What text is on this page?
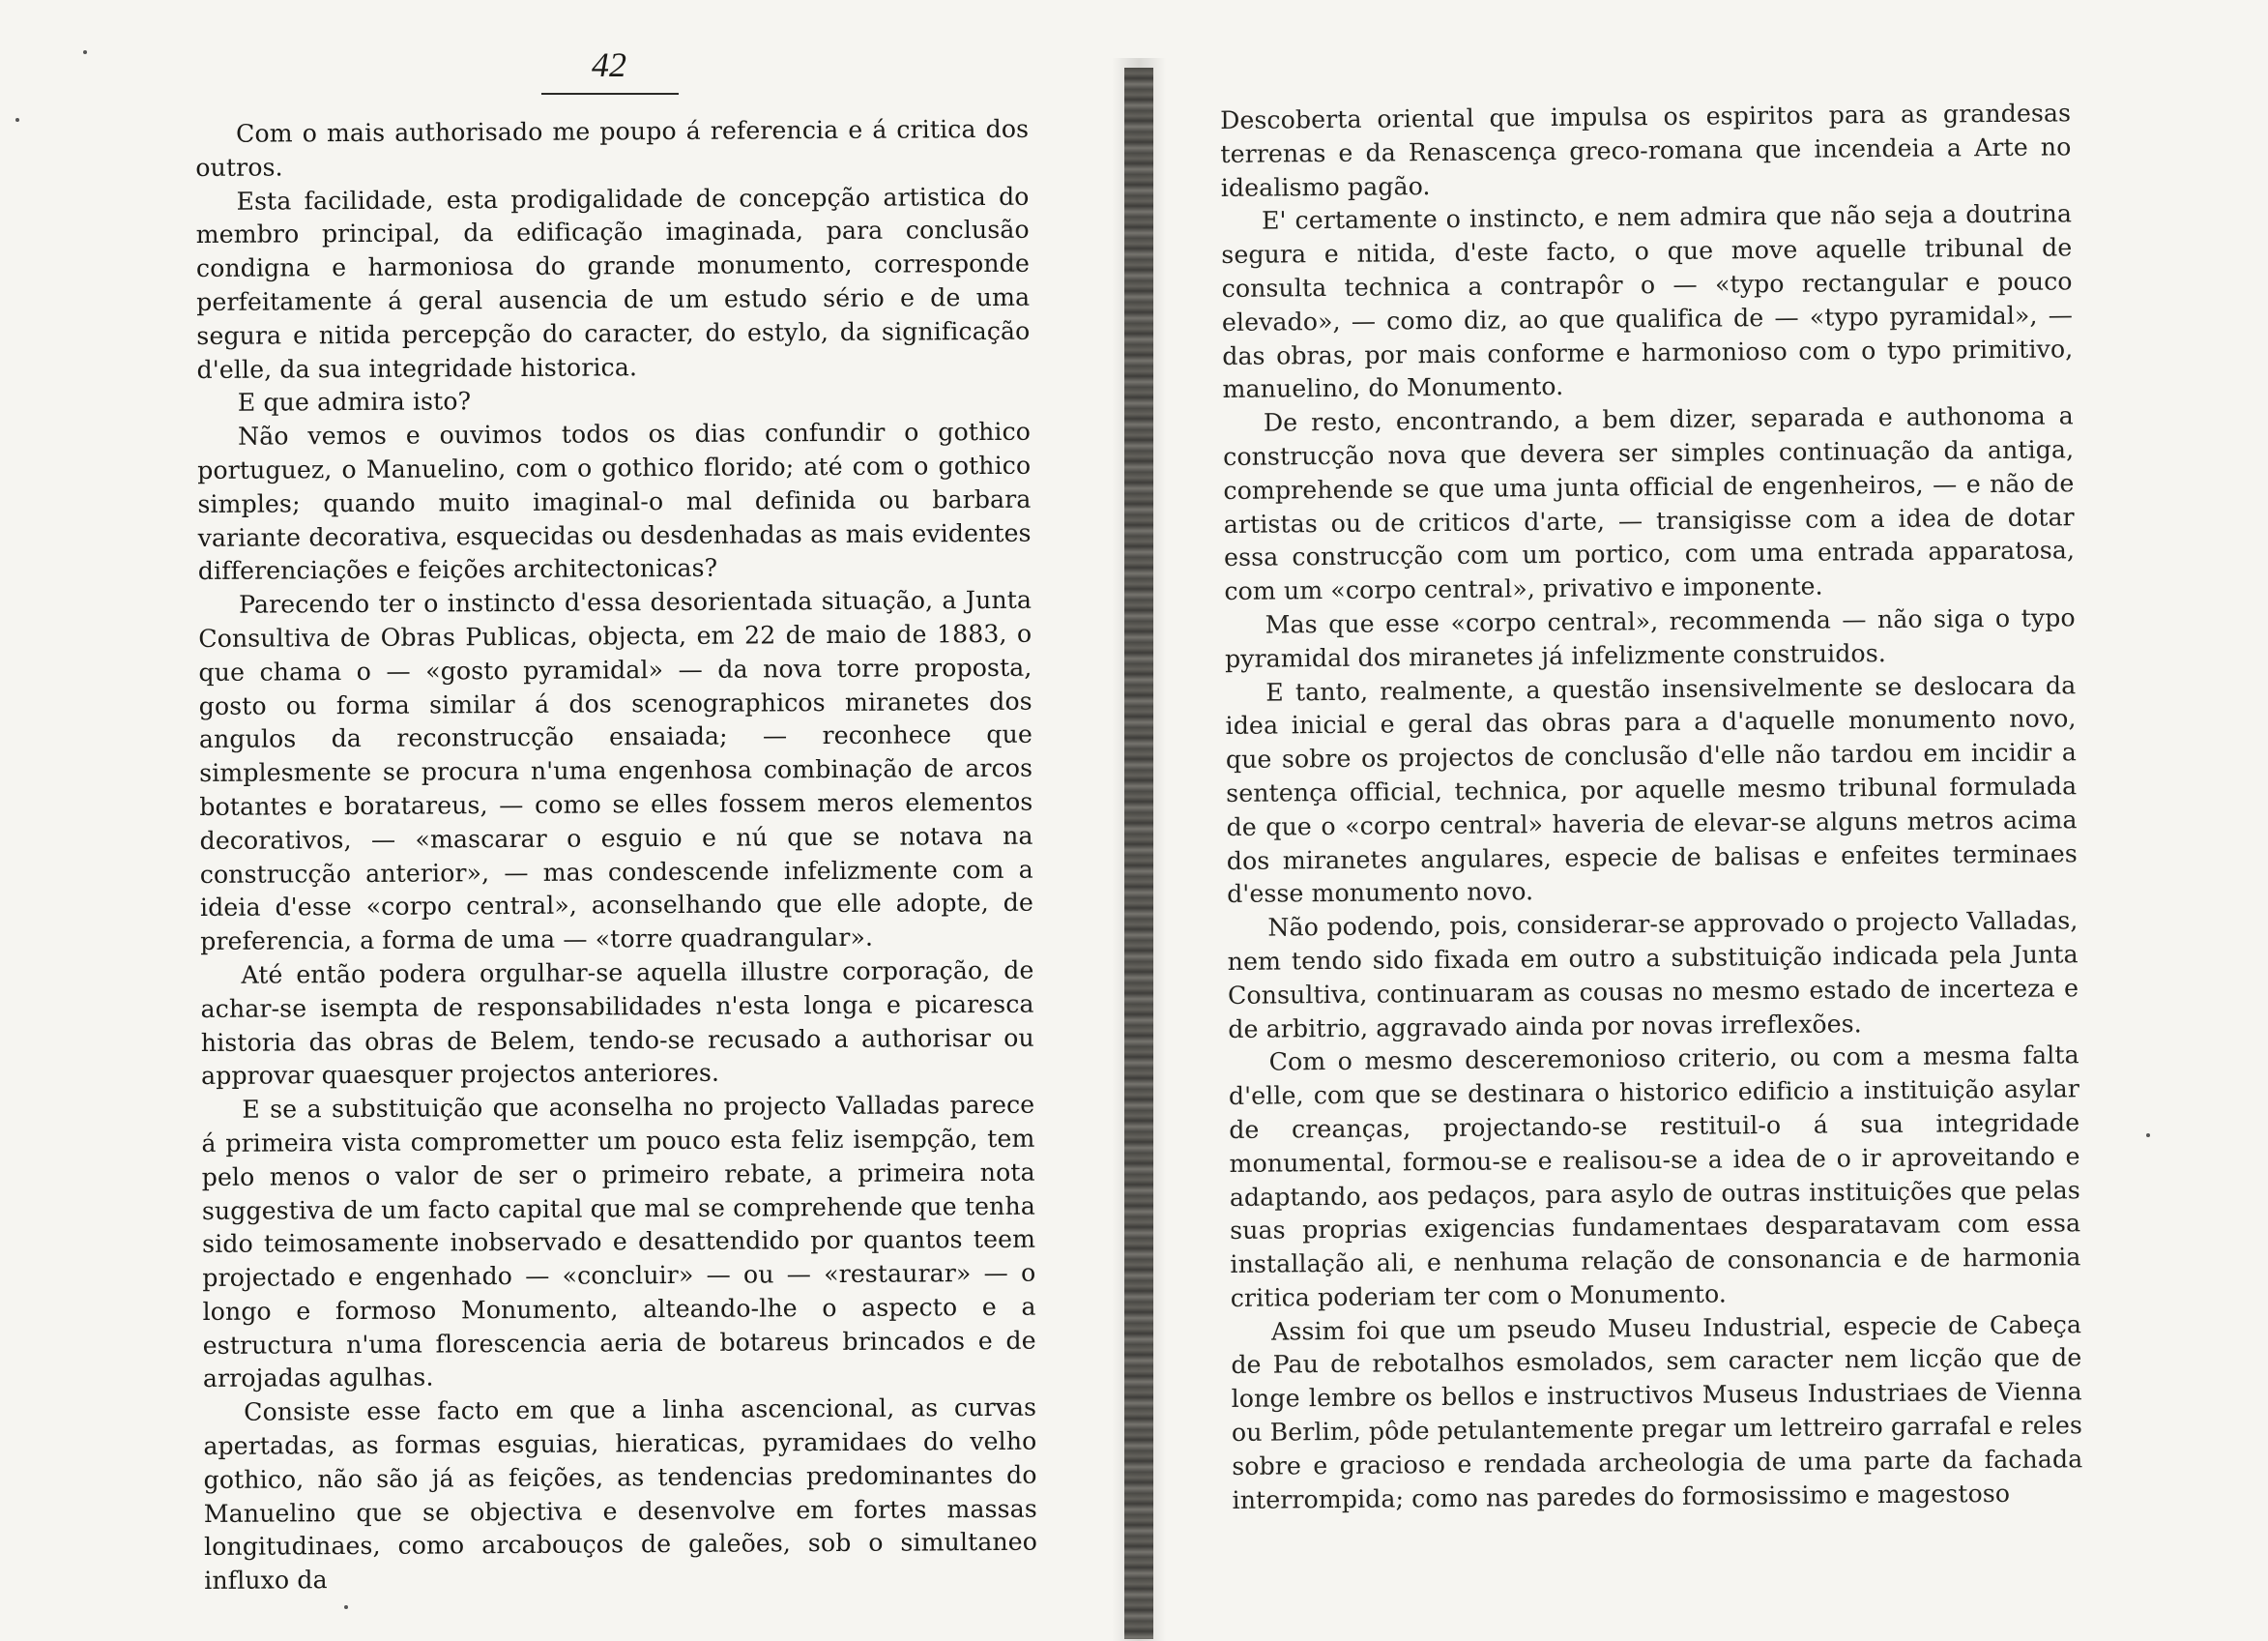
42

Com o mais authorisado me poupo á referencia e á critica dos outros.

Esta facilidade, esta prodigalidade de concepção artistica do membro principal, da edificação imaginada, para conclusão condigna e harmoniosa do grande monumento, corresponde perfeitamente á geral ausencia de um estudo sério e de uma segura e nitida percepção do caracter, do estylo, da significação d'elle, da sua integridade historica.

E que admira isto?

Não vemos e ouvimos todos os dias confundir o gothico portuguez, o Manuelino, com o gothico florido; até com o gothico simples; quando muito imaginal-o mal definida ou barbara variante decorativa, esquecidas ou desdenhadas as mais evidentes differenciações e feições architectonicas?

Parecendo ter o instincto d'essa desorientada situação, a Junta Consultiva de Obras Publicas, objecta, em 22 de maio de 1883, o que chama o — «gosto pyramidal» — da nova torre proposta, gosto ou forma similar á dos scenographicos miranetes dos angulos da reconstrucção ensaiada; — reconhece que simplesmente se procura n'uma engenhosa combinação de arcos botantes e boratareus, — como se elles fossem meros elementos decorativos, — «mascarar o esguio e nú que se notava na construcção anterior», — mas condescende infelizmente com a ideia d'esse «corpo central», aconselhando que elle adopte, de preferencia, a forma de uma — «torre quadrangular».

Até então podera orgulhar-se aquella illustre corporação, de achar-se isempta de responsabilidades n'esta longa e picaresca historia das obras de Belem, tendo-se recusado a authorisar ou approvar quaesquer projectos anteriores.

E se a substituição que aconselha no projecto Valladas parece á primeira vista comprometter um pouco esta feliz isempção, tem pelo menos o valor de ser o primeiro rebate, a primeira nota suggestiva de um facto capital que mal se comprehende que tenha sido teimosamente inobservado e desattendido por quantos teem projectado e engenhado — «concluir» — ou — «restaurar» — o longo e formoso Monumento, alteando-lhe o aspecto e a estructura n'uma florescencia aeria de botareus brincados e de arrojadas agulhas.

Consiste esse facto em que a linha ascencional, as curvas apertadas, as formas esguias, hieraticas, pyramidaes do velho gothico, não são já as feições, as tendencias predominantes do Manuelino que se objectiva e desenvolve em fortes massas longitudinaes, como arcabouços de galeões, sob o simultaneo influxo da

Descoberta oriental que impulsa os espiritos para as grandesas terrenas e da Renascença greco-romana que incendeia a Arte no idealismo pagão.

E' certamente o instincto, e nem admira que não seja a doutrina segura e nitida, d'este facto, o que move aquelle tribunal de consulta technica a contrapôr o — «typo rectangular e pouco elevado», — como diz, ao que qualifica de — «typo pyramidal», — das obras, por mais conforme e harmonioso com o typo primitivo, manuelino, do Monumento.

De resto, encontrando, a bem dizer, separada e authonoma a construcção nova que devera ser simples continuação da antiga, comprehende se que uma junta official de engenheiros, — e não de artistas ou de criticos d'arte, — transigisse com a idea de dotar essa construcção com um portico, com uma entrada apparatosa, com um «corpo central», privativo e imponente.

Mas que esse «corpo central», recommenda — não siga o typo pyramidal dos miranetes já infelizmente construidos.

E tanto, realmente, a questão insensivelmente se deslocara da idea inicial e geral das obras para a d'aquelle monumento novo, que sobre os projectos de conclusão d'elle não tardou em incidir a sentença official, technica, por aquelle mesmo tribunal formulada de que o «corpo central» haveria de elevar-se alguns metros acima dos miranetes angulares, especie de balisas e enfeites terminaes d'esse monumento novo.

Não podendo, pois, considerar-se approvado o projecto Valladas, nem tendo sido fixada em outro a substituição indicada pela Junta Consultiva, continuaram as cousas no mesmo estado de incerteza e de arbitrio, aggravado ainda por novas irreflexões.

Com o mesmo desceremonioso criterio, ou com a mesma falta d'elle, com que se destinara o historico edificio a instituição asylar de creanças, projectando-se restituil-o á sua integridade monumental, formou-se e realisou-se a idea de o ir aproveitando e adaptando, aos pedaços, para asylo de outras instituições que pelas suas proprias exigencias fundamentaes desparatavam com essa installação ali, e nenhuma relação de consonancia e de harmonia critica poderiam ter com o Monumento.

Assim foi que um pseudo Museu Industrial, especie de Cabeça de Pau de rebotalhos esmolados, sem caracter nem licção que de longe lembre os bellos e instructivos Museus Industriaes de Vienna ou Berlim, pôde petulantemente pregar um lettreiro garrafal e reles sobre e gracioso e rendada archeologia de uma parte da fachada interrompida; como nas paredes do formosissimo e magestoso
